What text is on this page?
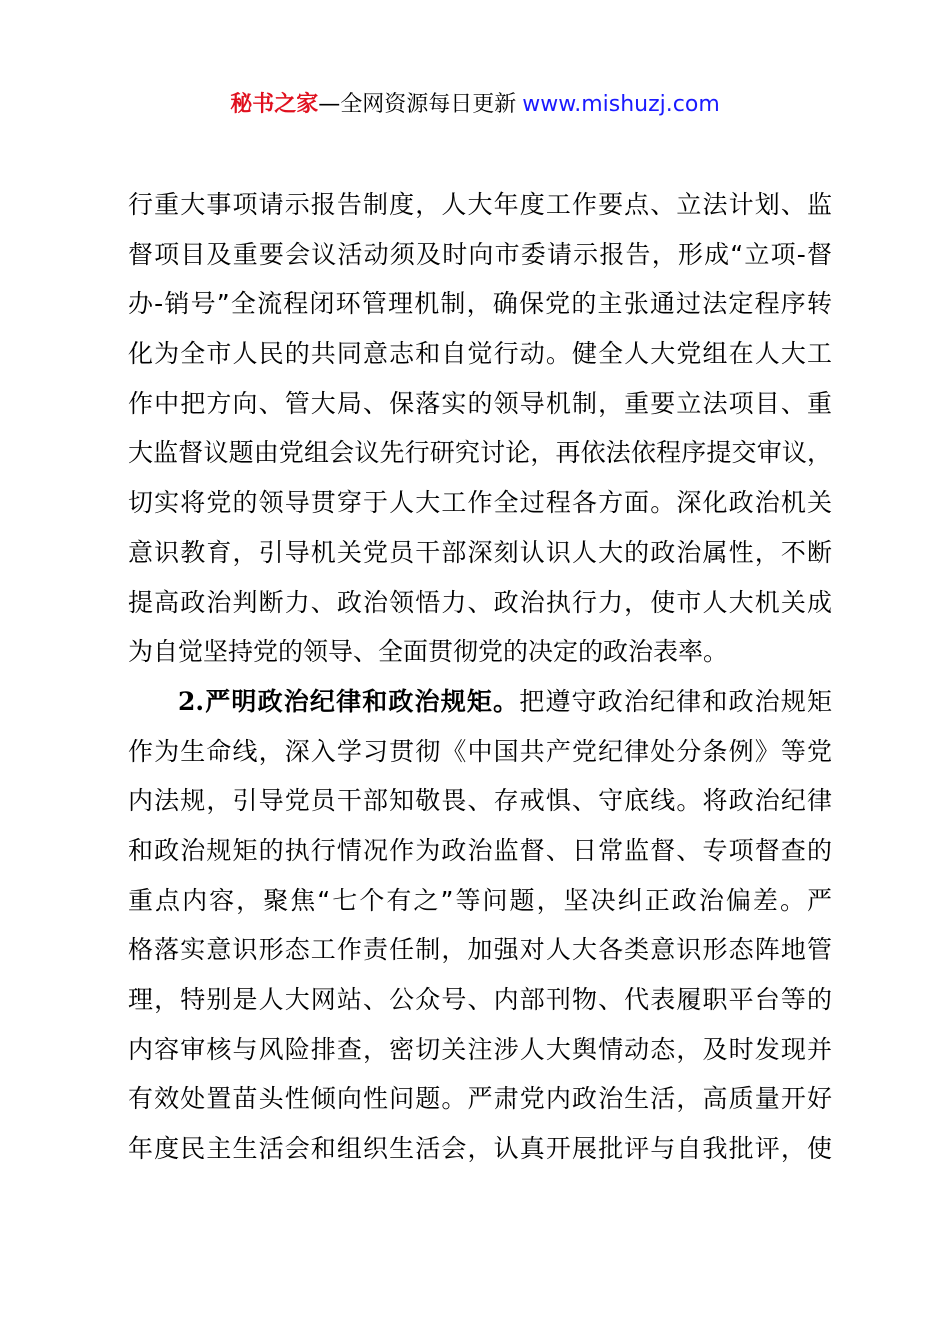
秘书之家—全网资源每日更新 www.mishuzj.com
行重大事项请示报告制度，人大年度工作要点、立法计划、监
督项目及重要会议活动须及时向市委请示报告，形成“立项-督
办-销号”全流程闭环管理机制，确保党的主张通过法定程序转
化为全市人民的共同意志和自觉行动。健全人大党组在人大工
作中把方向、管大局、保落实的领导机制，重要立法项目、重
大监督议题由党组会议先行研究讨论，再依法依程序提交审议，
切实将党的领导贯穿于人大工作全过程各方面。深化政治机关
意识教育，引导机关党员干部深刻认识人大的政治属性，不断
提高政治判断力、政治领悟力、政治执行力，使市人大机关成
为自觉坚持党的领导、全面贯彻党的决定的政治表率。
2.严明政治纪律和政治规矩。把遵守政治纪律和政治规矩
作为生命线，深入学习贯彻《中国共产党纪律处分条例》等党
内法规，引导党员干部知敬畏、存戒惧、守底线。将政治纪律
和政治规矩的执行情况作为政治监督、日常监督、专项督查的
重点内容，聚焦“七个有之”等问题，坚决纠正政治偏差。严
格落实意识形态工作责任制，加强对人大各类意识形态阵地管
理，特别是人大网站、公众号、内部刊物、代表履职平台等的
内容审核与风险排查，密切关注涉人大舆情动态，及时发现并
有效处置苗头性倾向性问题。严肃党内政治生活，高质量开好
年度民主生活会和组织生活会，认真开展批评与自我批评，使
